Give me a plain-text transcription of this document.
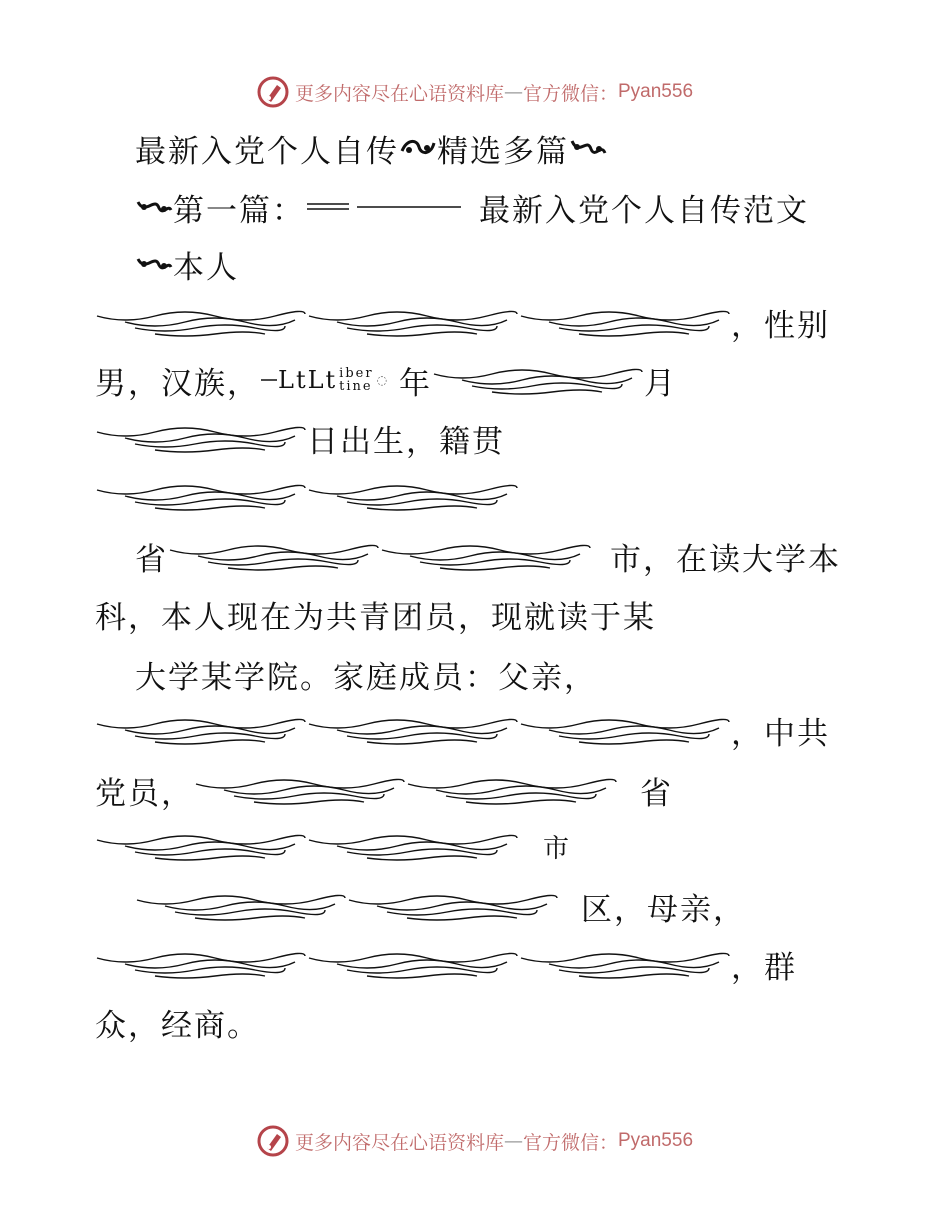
更多内容尽在心语资料库 — 官方微信： Pyan556
最新入党个人自传 精选多篇
第一篇：	最新入党个人自传范文
本人
，性别
男，汉族， LtLt iber
tine ◌ 年	月
日出生，籍贯
省	市，在读大学本
科，本人现在为共青团员，现就读于某
大学某学院。家庭成员：父亲，
，中共
党员，	省
市
区，母亲，
，群
众，经商。
更多内容尽在心语资料库 — 官方微信： Pyan556
